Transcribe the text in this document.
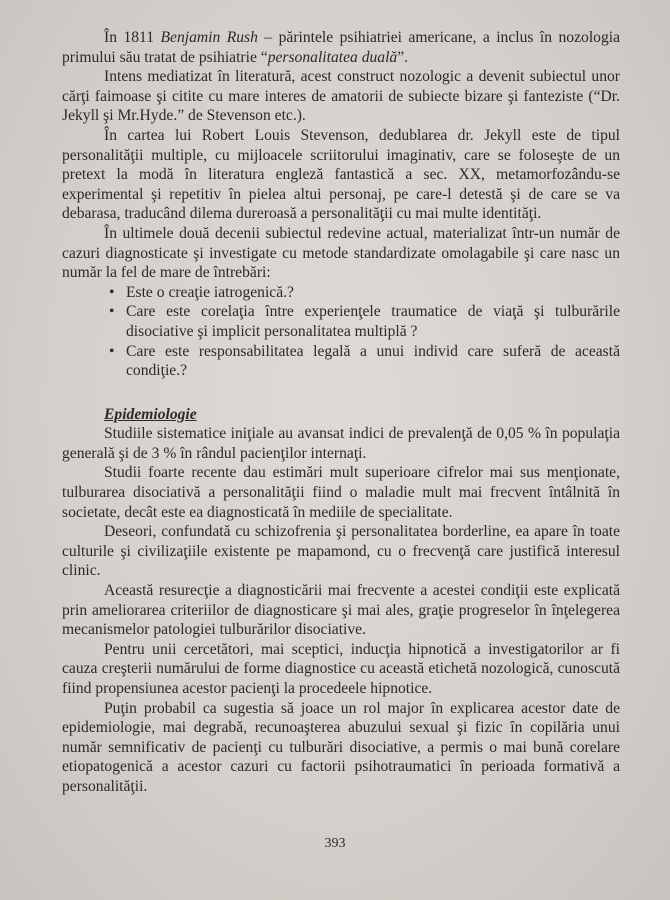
În 1811 Benjamin Rush – părintele psihiatriei americane, a inclus în nozologia primului său tratat de psihiatrie “personalitatea duală”.

Intens mediatizat în literatură, acest construct nozologic a devenit subiectul unor cărţi faimoase şi citite cu mare interes de amatorii de subiecte bizare şi fanteziste (“Dr. Jekyll şi Mr.Hyde.” de Stevenson etc.).

În cartea lui Robert Louis Stevenson, dedublarea dr. Jekyll este de tipul personalităţii multiple, cu mijloacele scriitorului imaginativ, care se foloseşte de un pretext la modă în literatura engleză fantastică a sec. XX, metamorfozându-se experimental şi repetitiv în pielea altui personaj, pe care-l detestă şi de care se va debarasa, traducând dilema dureroasă a personalităţii cu mai multe identităţi.

În ultimele două decenii subiectul redevine actual, materializat într-un număr de cazuri diagnosticate şi investigate cu metode standardizate omolagabile şi care nasc un număr la fel de mare de întrebări:

• Este o creaţie iatrogenică.?
• Care este corelaţia între experienţele traumatice de viaţă şi tulburările disociative şi implicit personalitatea multiplă ?
• Care este responsabilitatea legală a unui individ care suferă de această condiţie.?
Epidemiologie

Studiile sistematice iniţiale au avansat indici de prevalenţă de 0,05 % în populaţia generală şi de 3 % în rândul pacienţilor internaţi.

Studii foarte recente dau estimări mult superioare cifrelor mai sus menţionate, tulburarea disociativă a personalităţii fiind o maladie mult mai frecvent întâlnită în societate, decât este ea diagnosticată în mediile de specialitate.

Deseori, confundată cu schizofrenia şi personalitatea borderline, ea apare în toate culturile şi civilizaţiile existente pe mapamond, cu o frecvenţă care justifică interesul clinic.

Această resurecţie a diagnosticării mai frecvente a acestei condiţii este explicată prin ameliorarea criteriilor de diagnosticare şi mai ales, graţie progreselor în înţelegerea mecanismelor patologiei tulburărilor disociative.

Pentru unii cercetători, mai sceptici, inducţia hipnotică a investigatorilor ar fi cauza creşterii numărului de forme diagnostice cu această etichetă nozologică, cunoscută fiind propensiunea acestor pacienţi la procedeele hipnotice.

Puţin probabil ca sugestia să joace un rol major în explicarea acestor date de epidemiologie, mai degrabă, recunoaşterea abuzului sexual şi fizic în copilăria unui număr semnificativ de pacienţi cu tulburări disociative, a permis o mai bună corelare etiopatogenică a acestor cazuri cu factorii psihotraumatici în perioada formativă a personalităţii.

393
